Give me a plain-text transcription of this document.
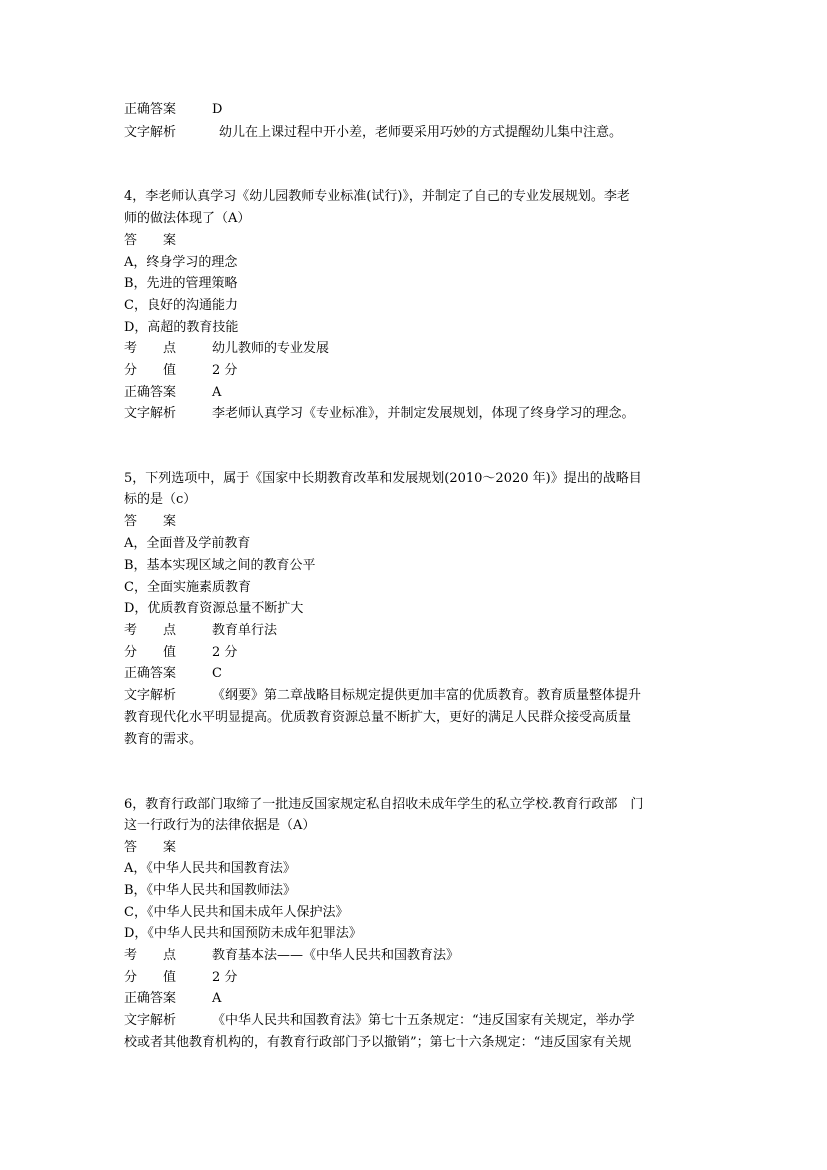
正确答案	D
文字解析	幼儿在上课过程中开小差，老师要采用巧妙的方式提醒幼儿集中注意。
4，李老师认真学习《幼儿园教师专业标准(试行)》，并制定了自己的专业发展规划。李老
师的做法体现了（A）
答　　案
A，终身学习的理念
B，先进的管理策略
C，良好的沟通能力
D，高超的教育技能
考　　点	幼儿教师的专业发展
分　　值	2 分
正确答案	A
文字解析	李老师认真学习《专业标准》，并制定发展规划，体现了终身学习的理念。
5，下列选项中，属于《国家中长期教育改革和发展规划(2010～2020 年)》提出的战略目
标的是（c）
答　　案
A，全面普及学前教育
B，基本实现区域之间的教育公平
C，全面实施素质教育
D，优质教育资源总量不断扩大
考　　点	教育单行法
分　　值	2 分
正确答案	C
文字解析	《纲要》第二章战略目标规定提供更加丰富的优质教育。教育质量整体提升
教育现代化水平明显提高。优质教育资源总量不断扩大，更好的满足人民群众接受高质量
教育的需求。
6，教育行政部门取缔了一批违反国家规定私自招收未成年学生的私立学校.教育行政部　门
这一行政行为的法律依据是（A）
答　　案
A，《中华人民共和国教育法》
B，《中华人民共和国教师法》
C，《中华人民共和国未成年人保护法》
D，《中华人民共和国预防未成年犯罪法》
考　　点	教育基本法——《中华人民共和国教育法》
分　　值	2 分
正确答案	A
文字解析	《中华人民共和国教育法》第七十五条规定：“违反国家有关规定，举办学
校或者其他教育机构的，有教育行政部门予以撤销”；第七十六条规定：“违反国家有关规
